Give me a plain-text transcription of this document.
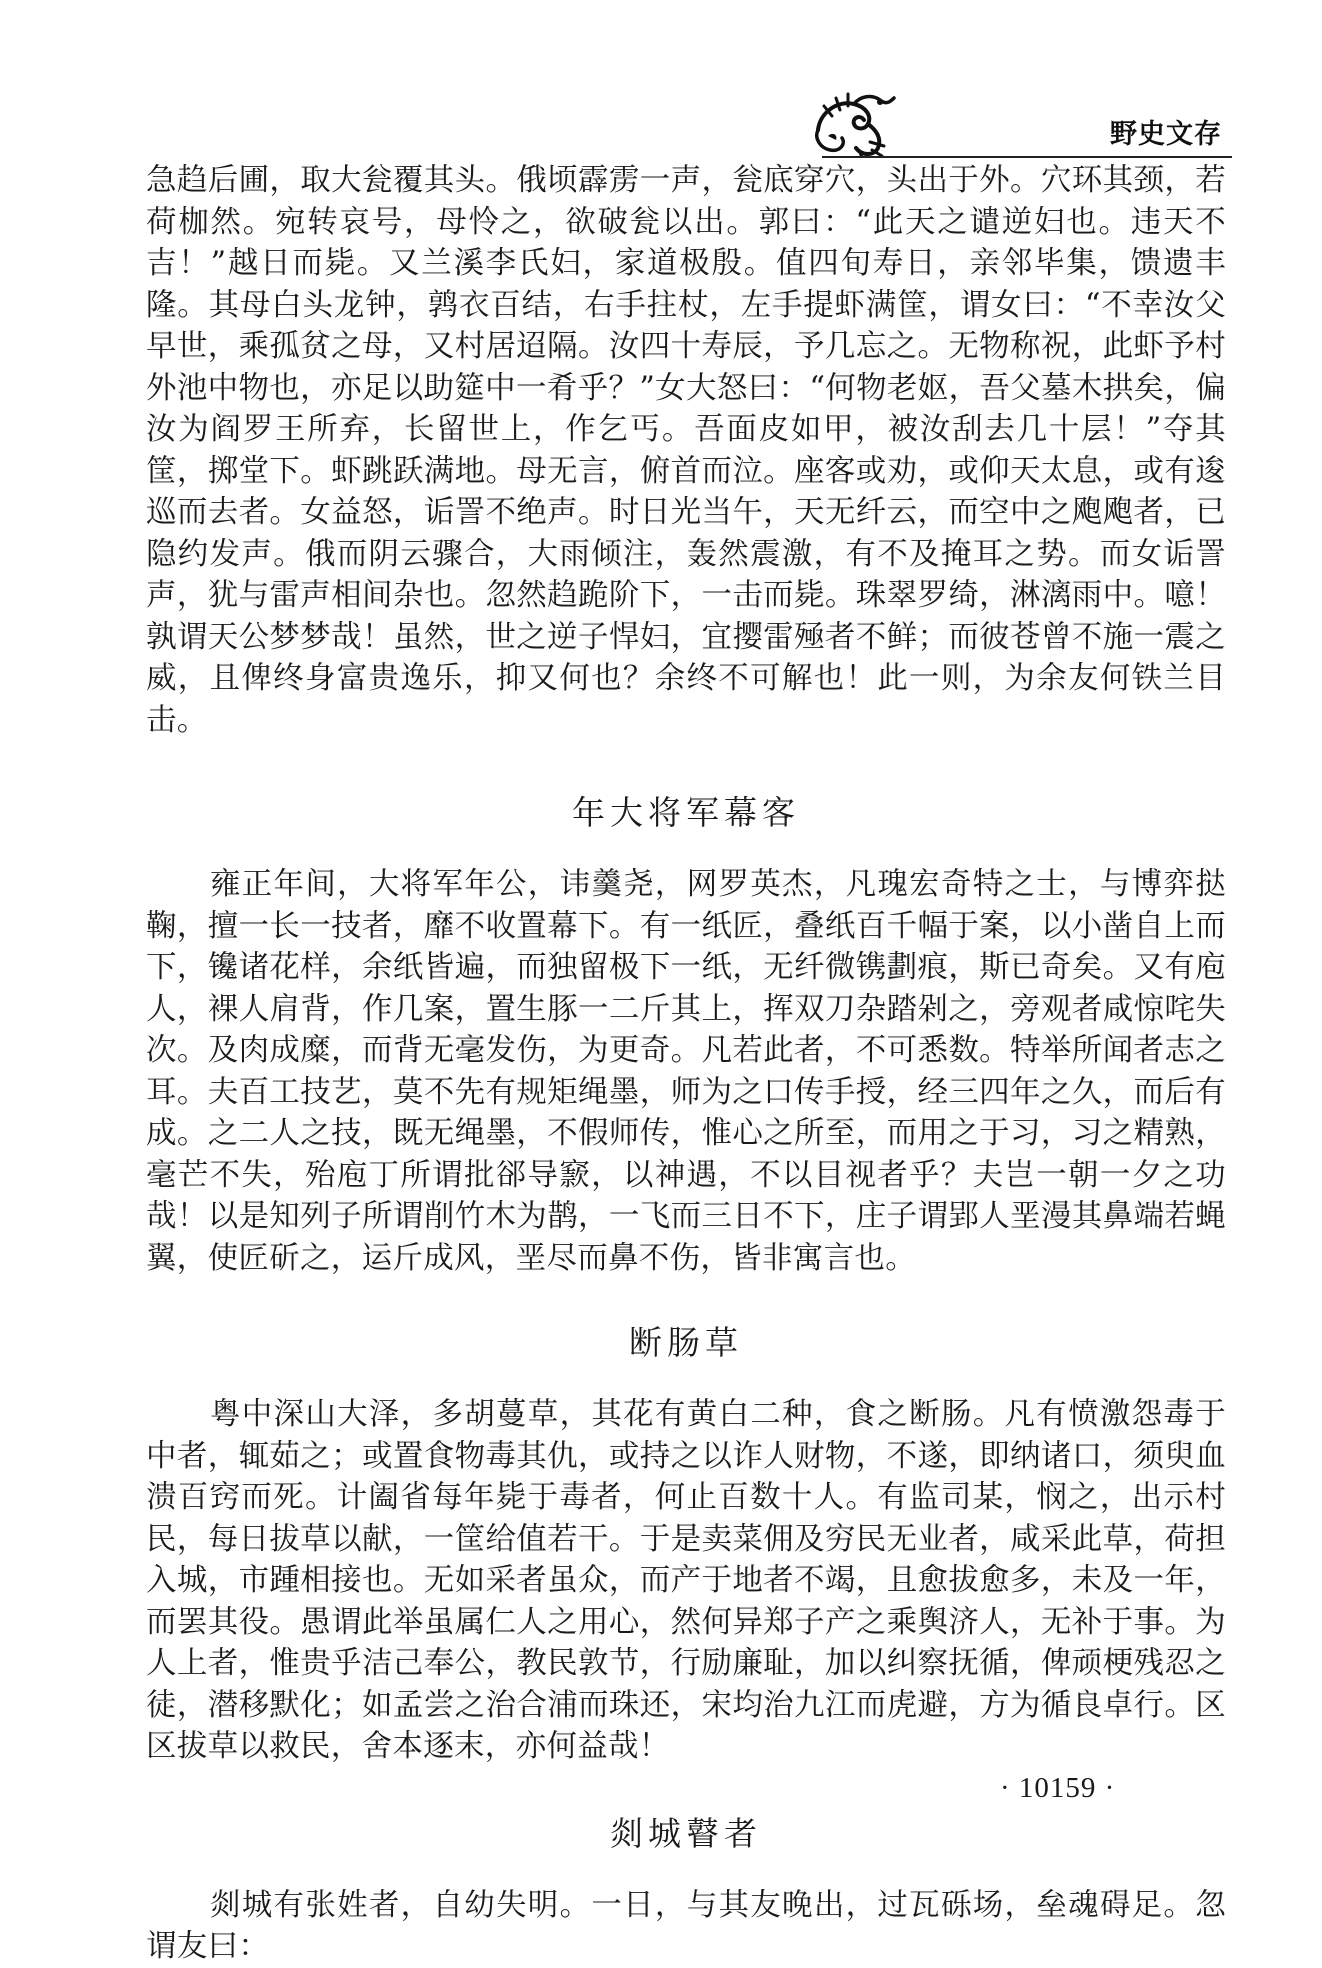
野史文存

急趋后圃，取大瓮覆其头。俄顷霹雳一声，瓮底穿穴，头出于外。穴环其颈，若荷枷然。宛转哀号，母怜之，欲破瓮以出。郭曰：“此天之谴逆妇也。违天不吉！”越日而毙。又兰溪李氏妇，家道极殷。值四旬寿日，亲邻毕集，馈遗丰隆。其母白头龙钟，鹑衣百结，右手拄杖，左手提虾满筐，谓女曰：“不幸汝父早世，乘孤贫之母，又村居迢隔。汝四十寿辰，予几忘之。无物称祝，此虾予村外池中物也，亦足以助筵中一肴乎？”女大怒曰：“何物老妪，吾父墓木拱矣，偏汝为阎罗王所弃，长留世上，作乞丐。吾面皮如甲，被汝刮去几十层！”夺其筐，掷堂下。虾跳跃满地。母无言，俯首而泣。座客或劝，或仰天太息，或有逡巡而去者。女益怒，诟詈不绝声。时日光当午，天无纤云，而空中之飑飑者，已隐约发声。俄而阴云骤合，大雨倾注，轰然震激，有不及掩耳之势。而女诟詈声，犹与雷声相间杂也。忽然趋跪阶下，一击而毙。珠翠罗绮，淋漓雨中。噫！孰谓天公梦梦哉！虽然，世之逆子悍妇，宜撄雷殛者不鲜；而彼苍曾不施一震之威，且俾终身富贵逸乐，抑又何也？余终不可解也！此一则，为余友何铁兰目击。

年大将军幕客

雍正年间，大将军年公，讳羹尧，网罗英杰，凡瑰宏奇特之士，与博弈挞鞠，擅一长一技者，靡不收置幕下。有一纸匠，叠纸百千幅于案，以小凿自上而下，镵诸花样，余纸皆遍，而独留极下一纸，无纤微镌劃痕，斯已奇矣。又有庖人，裸人肩背，作几案，置生豚一二斤其上，挥双刀杂踏剁之，旁观者咸惊咤失次。及肉成糜，而背无毫发伤，为更奇。凡若此者，不可悉数。特举所闻者志之耳。夫百工技艺，莫不先有规矩绳墨，师为之口传手授，经三四年之久，而后有成。之二人之技，既无绳墨，不假师传，惟心之所至，而用之于习，习之精熟，毫芒不失，殆庖丁所谓批郤导窾，以神遇，不以目视者乎？夫岂一朝一夕之功哉！以是知列子所谓削竹木为鹊，一飞而三日不下，庄子谓郢人垩漫其鼻端若蝇翼，使匠斫之，运斤成风，垩尽而鼻不伤，皆非寓言也。

断肠草

粤中深山大泽，多胡蔓草，其花有黄白二种，食之断肠。凡有愤激怨毒于中者，辄茹之；或置食物毒其仇，或持之以诈人财物，不遂，即纳诸口，须臾血溃百窍而死。计阖省每年毙于毒者，何止百数十人。有监司某，悯之，出示村民，每日拔草以献，一筐给值若干。于是卖菜佣及穷民无业者，咸采此草，荷担入城，市踵相接也。无如采者虽众，而产于地者不竭，且愈拔愈多，未及一年，而罢其役。愚谓此举虽属仁人之用心，然何异郑子产之乘舆济人，无补于事。为人上者，惟贵乎洁己奉公，教民敦节，行励廉耻，加以纠察抚循，俾顽梗残忍之徒，潜移默化；如孟尝之治合浦而珠还，宋均治九江而虎避，方为循良卓行。区区拔草以救民，舍本逐末，亦何益哉！

剡城瞽者

剡城有张姓者，自幼失明。一日，与其友晚出，过瓦砾场，垒魂碍足。忽谓友曰：

· 10159 ·
